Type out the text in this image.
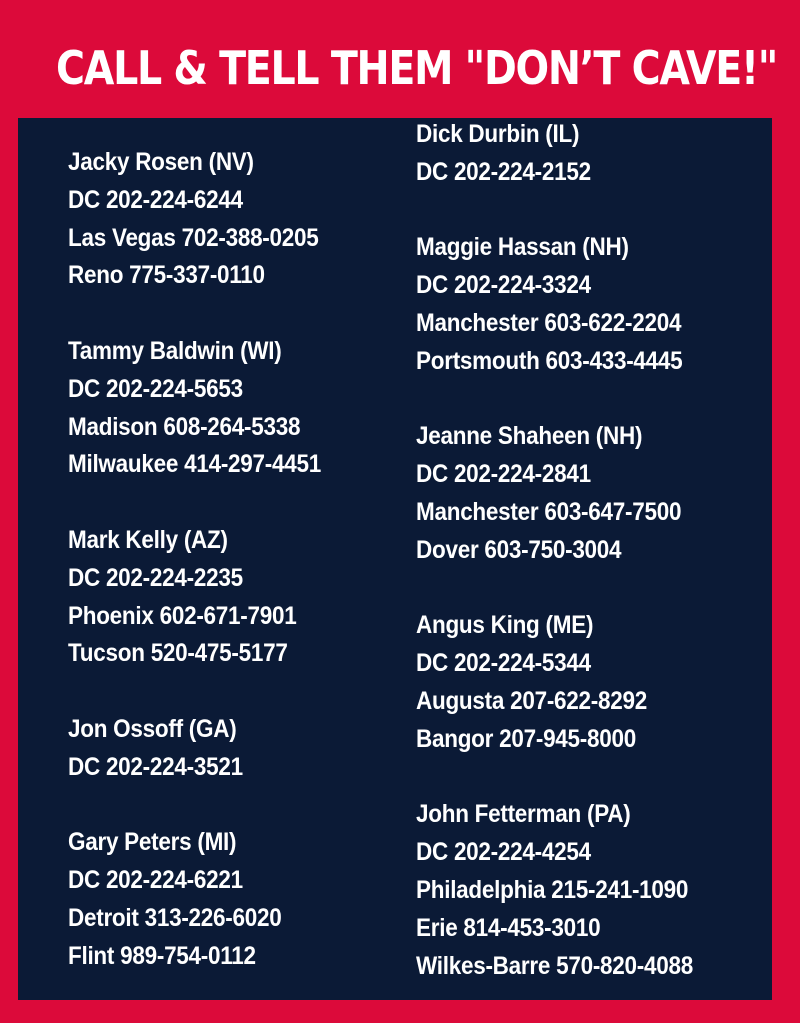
CALL & TELL THEM "DON’T CAVE!"
Jacky Rosen (NV)
DC 202-224-6244
Las Vegas 702-388-0205
Reno 775-337-0110
Tammy Baldwin (WI)
DC 202-224-5653
Madison 608-264-5338
Milwaukee 414-297-4451
Mark Kelly (AZ)
DC 202-224-2235
Phoenix 602-671-7901
Tucson 520-475-5177
Jon Ossoff (GA)
DC 202-224-3521
Gary Peters (MI)
DC 202-224-6221
Detroit 313-226-6020
Flint 989-754-0112
Dick Durbin (IL)
DC 202-224-2152
Maggie Hassan (NH)
DC 202-224-3324
Manchester 603-622-2204
Portsmouth 603-433-4445
Jeanne Shaheen (NH)
DC 202-224-2841
Manchester 603-647-7500
Dover 603-750-3004
Angus King (ME)
DC 202-224-5344
Augusta 207-622-8292
Bangor 207-945-8000
John Fetterman (PA)
DC 202-224-4254
Philadelphia 215-241-1090
Erie 814-453-3010
Wilkes-Barre 570-820-4088
